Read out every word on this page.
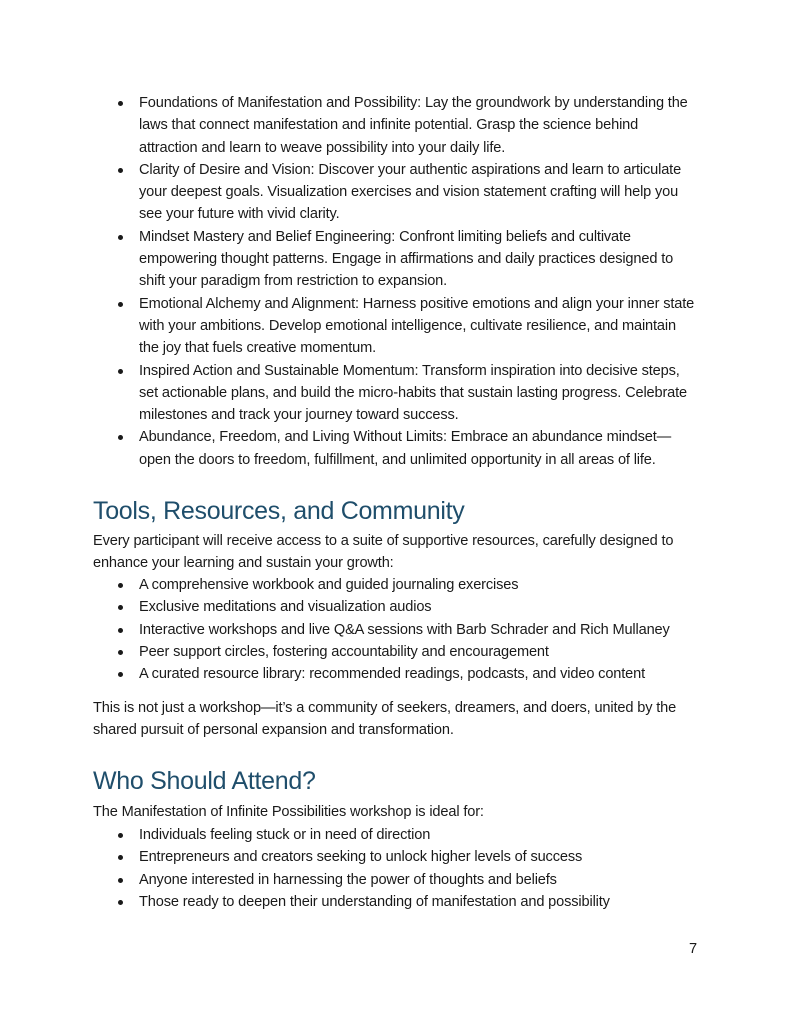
Foundations of Manifestation and Possibility: Lay the groundwork by understanding the laws that connect manifestation and infinite potential. Grasp the science behind attraction and learn to weave possibility into your daily life.
Clarity of Desire and Vision: Discover your authentic aspirations and learn to articulate your deepest goals. Visualization exercises and vision statement crafting will help you see your future with vivid clarity.
Mindset Mastery and Belief Engineering: Confront limiting beliefs and cultivate empowering thought patterns. Engage in affirmations and daily practices designed to shift your paradigm from restriction to expansion.
Emotional Alchemy and Alignment: Harness positive emotions and align your inner state with your ambitions. Develop emotional intelligence, cultivate resilience, and maintain the joy that fuels creative momentum.
Inspired Action and Sustainable Momentum: Transform inspiration into decisive steps, set actionable plans, and build the micro-habits that sustain lasting progress. Celebrate milestones and track your journey toward success.
Abundance, Freedom, and Living Without Limits: Embrace an abundance mindset—open the doors to freedom, fulfillment, and unlimited opportunity in all areas of life.
Tools, Resources, and Community

Every participant will receive access to a suite of supportive resources, carefully designed to enhance your learning and sustain your growth:

A comprehensive workbook and guided journaling exercises
Exclusive meditations and visualization audios
Interactive workshops and live Q&A sessions with Barb Schrader and Rich Mullaney
Peer support circles, fostering accountability and encouragement
A curated resource library: recommended readings, podcasts, and video content

This is not just a workshop—it’s a community of seekers, dreamers, and doers, united by the shared pursuit of personal expansion and transformation.

Who Should Attend?

The Manifestation of Infinite Possibilities workshop is ideal for:

Individuals feeling stuck or in need of direction
Entrepreneurs and creators seeking to unlock higher levels of success
Anyone interested in harnessing the power of thoughts and beliefs
Those ready to deepen their understanding of manifestation and possibility
7
